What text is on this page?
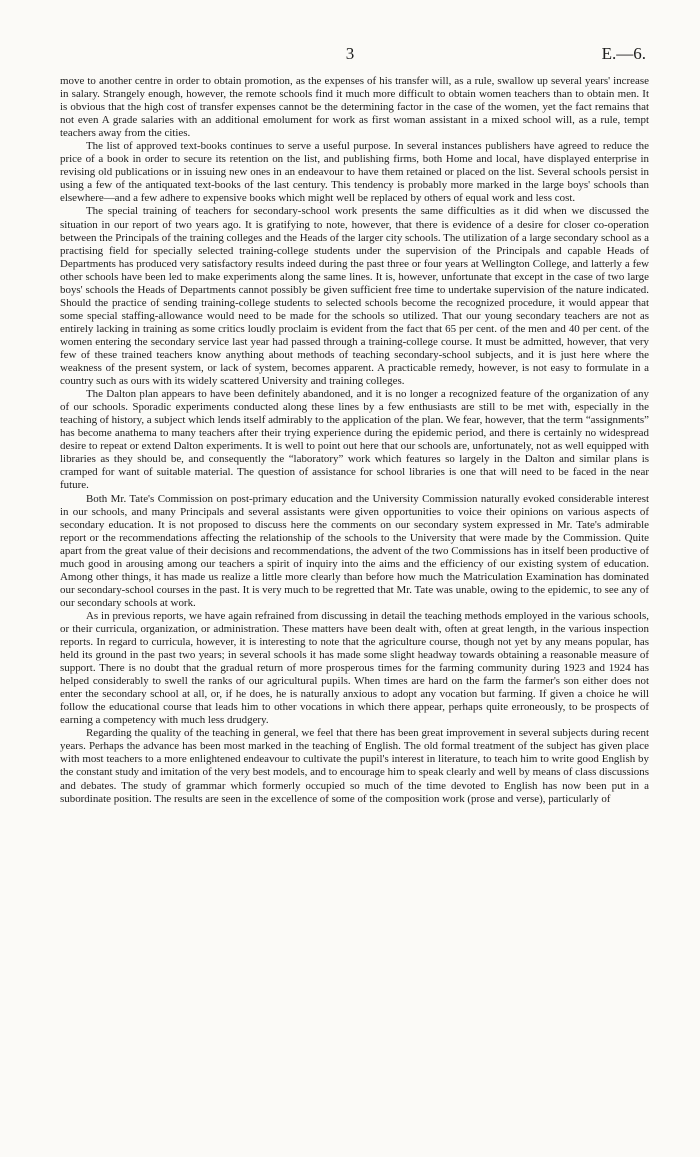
3	E.—6.

move to another centre in order to obtain promotion, as the expenses of his transfer will, as a rule, swallow up several years' increase in salary. Strangely enough, however, the remote schools find it much more difficult to obtain women teachers than to obtain men. It is obvious that the high cost of transfer expenses cannot be the determining factor in the case of the women, yet the fact remains that not even A grade salaries with an additional emolument for work as first woman assistant in a mixed school will, as a rule, tempt teachers away from the cities.

The list of approved text-books continues to serve a useful purpose. In several instances publishers have agreed to reduce the price of a book in order to secure its retention on the list, and publishing firms, both Home and local, have displayed enterprise in revising old publications or in issuing new ones in an endeavour to have them retained or placed on the list. Several schools persist in using a few of the antiquated text-books of the last century. This tendency is probably more marked in the large boys' schools than elsewhere—and a few adhere to expensive books which might well be replaced by others of equal work and less cost.

The special training of teachers for secondary-school work presents the same difficulties as it did when we discussed the situation in our report of two years ago. It is gratifying to note, however, that there is evidence of a desire for closer co-operation between the Principals of the training colleges and the Heads of the larger city schools. The utilization of a large secondary school as a practising field for specially selected training-college students under the supervision of the Principals and capable Heads of Departments has produced very satisfactory results indeed during the past three or four years at Wellington College, and latterly a few other schools have been led to make experiments along the same lines. It is, however, unfortunate that except in the case of two large boys' schools the Heads of Departments cannot possibly be given sufficient free time to undertake supervision of the nature indicated. Should the practice of sending training-college students to selected schools become the recognized procedure, it would appear that some special staffing-allowance would need to be made for the schools so utilized. That our young secondary teachers are not as entirely lacking in training as some critics loudly proclaim is evident from the fact that 65 per cent. of the men and 40 per cent. of the women entering the secondary service last year had passed through a training-college course. It must be admitted, however, that very few of these trained teachers know anything about methods of teaching secondary-school subjects, and it is just here where the weakness of the present system, or lack of system, becomes apparent. A practicable remedy, however, is not easy to formulate in a country such as ours with its widely scattered University and training colleges.

The Dalton plan appears to have been definitely abandoned, and it is no longer a recognized feature of the organization of any of our schools. Sporadic experiments conducted along these lines by a few enthusiasts are still to be met with, especially in the teaching of history, a subject which lends itself admirably to the application of the plan. We fear, however, that the term “assignments” has become anathema to many teachers after their trying experience during the epidemic period, and there is certainly no widespread desire to repeat or extend Dalton experiments. It is well to point out here that our schools are, unfortunately, not as well equipped with libraries as they should be, and consequently the “laboratory” work which features so largely in the Dalton and similar plans is cramped for want of suitable material. The question of assistance for school libraries is one that will need to be faced in the near future.

Both Mr. Tate's Commission on post-primary education and the University Commission naturally evoked considerable interest in our schools, and many Principals and several assistants were given opportunities to voice their opinions on various aspects of secondary education. It is not proposed to discuss here the comments on our secondary system expressed in Mr. Tate's admirable report or the recommendations affecting the relationship of the schools to the University that were made by the Commission. Quite apart from the great value of their decisions and recommendations, the advent of the two Commissions has in itself been productive of much good in arousing among our teachers a spirit of inquiry into the aims and the efficiency of our existing system of education. Among other things, it has made us realize a little more clearly than before how much the Matriculation Examination has dominated our secondary-school courses in the past. It is very much to be regretted that Mr. Tate was unable, owing to the epidemic, to see any of our secondary schools at work.

As in previous reports, we have again refrained from discussing in detail the teaching methods employed in the various schools, or their curricula, organization, or administration. These matters have been dealt with, often at great length, in the various inspection reports. In regard to curricula, however, it is interesting to note that the agriculture course, though not yet by any means popular, has held its ground in the past two years; in several schools it has made some slight headway towards obtaining a reasonable measure of support. There is no doubt that the gradual return of more prosperous times for the farming community during 1923 and 1924 has helped considerably to swell the ranks of our agricultural pupils. When times are hard on the farm the farmer's son either does not enter the secondary school at all, or, if he does, he is naturally anxious to adopt any vocation but farming. If given a choice he will follow the educational course that leads him to other vocations in which there appear, perhaps quite erroneously, to be prospects of earning a competency with much less drudgery.

Regarding the quality of the teaching in general, we feel that there has been great improvement in several subjects during recent years. Perhaps the advance has been most marked in the teaching of English. The old formal treatment of the subject has given place with most teachers to a more enlightened endeavour to cultivate the pupil's interest in literature, to teach him to write good English by the constant study and imitation of the very best models, and to encourage him to speak clearly and well by means of class discussions and debates. The study of grammar which formerly occupied so much of the time devoted to English has now been put in a subordinate position. The results are seen in the excellence of some of the composition work (prose and verse), particularly of
